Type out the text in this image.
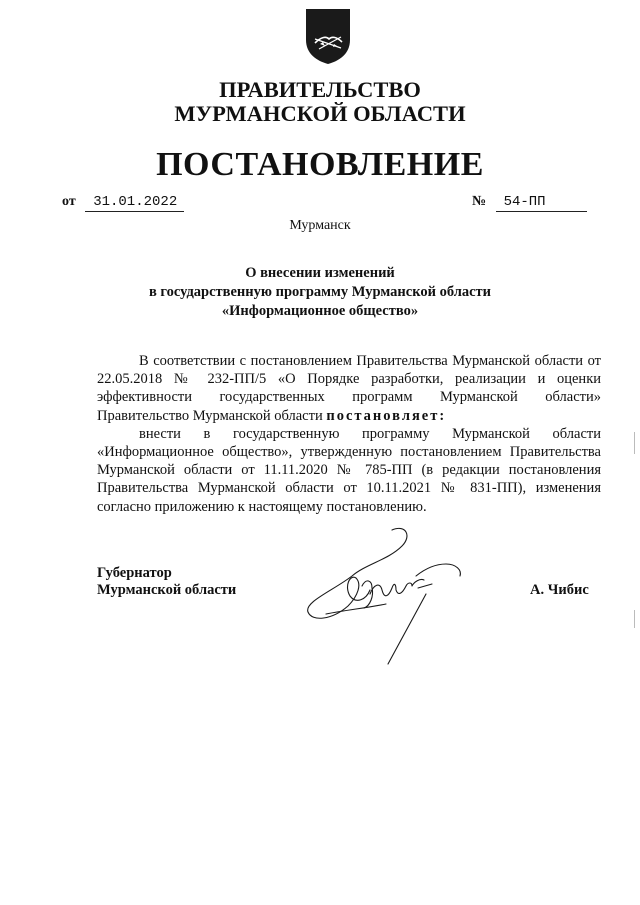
ПРАВИТЕЛЬСТВО
МУРМАНСКОЙ ОБЛАСТИ
ПОСТАНОВЛЕНИЕ
от 31.01.2022	№ 54-ПП

Мурманск

О внесении изменений
в государственную программу Мурманской области
«Информационное общество»

В соответствии с постановлением Правительства Мурманской области от 22.05.2018 № 232-ПП/5 «О Порядке разработки, реализации и оценки эффективности государственных программ Мурманской области» Правительство Мурманской области постановляет:

внести в государственную программу Мурманской области «Информационное общество», утвержденную постановлением Правительства Мурманской области от 11.11.2020 № 785-ПП (в редакции постановления Правительства Мурманской области от 10.11.2021 № 831-ПП), изменения согласно приложению к настоящему постановлению.

Губернатор
Мурманской области	А. Чибис
